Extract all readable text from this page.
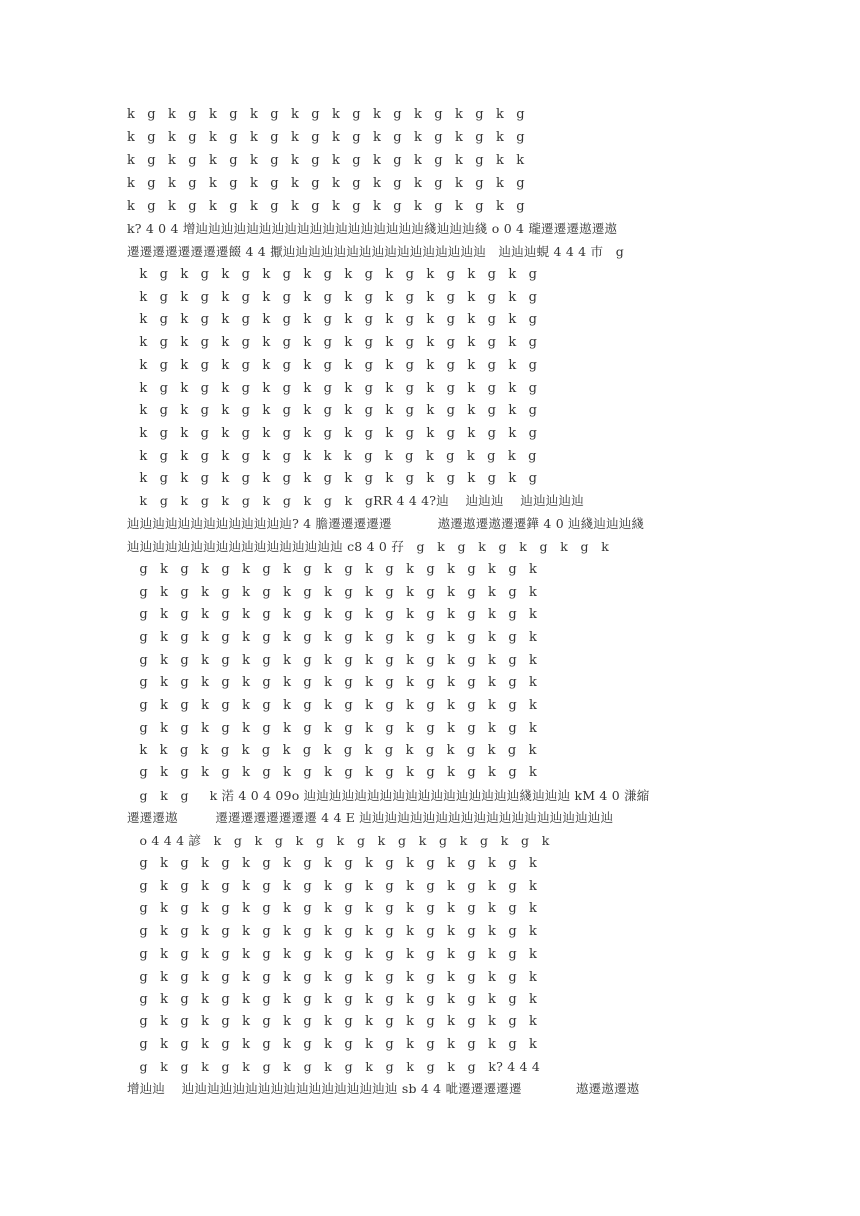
k   g   k   g   k   g   k   g   k   g   k   g   k   g   k   g   k   g   k   g
k   g   k   g   k   g   k   g   k   g   k   g   k   g   k   g   k   g   k   g
k   g   k   g   k   g   k   g   k   g   k   g   k   g   k   g   k   g   k   k
k   g   k   g   k   g   k   g   k   g   k   g   k   g   k   g   k   g   k   g
k   g   k   g   k   g   k   g   k   g   k   g   k   g   k   g   k   g   k   g
k? 4 0 4 增辿辿辿辿辿辿辿辿辿辿辿辿辿辿辿辿辿辿綫辿辿辿綫 o 0 4 瓏遷遷遷遨遷遨
遷遷遷遷遷遷遷遷餟 4 4 擫辿辿辿辿辿辿辿辿辿辿辿辿辿辿辿辿   辿辿辿蜆 4 4 4 巿   g
k   g   k   g   k   g   k   g   k   g   k   g   k   g   k   g   k   g   k   g
k   g   k   g   k   g   k   g   k   g   k   g   k   g   k   g   k   g   k   g
k   g   k   g   k   g   k   g   k   g   k   g   k   g   k   g   k   g   k   g
k   g   k   g   k   g   k   g   k   g   k   g   k   g   k   g   k   g   k   g
k   g   k   g   k   g   k   g   k   g   k   g   k   g   k   g   k   g   k   g
k   g   k   g   k   g   k   g   k   g   k   g   k   g   k   g   k   g   k   g
k   g   k   g   k   g   k   g   k   g   k   g   k   g   k   g   k   g   k   g
k   g   k   g   k   g   k   g   k   g   k   g   k   g   k   g   k   g   k   g
k   g   k   g   k   g   k   g   k   k   k   g   k   g   k   g   k   g   k   g
k   g   k   g   k   g   k   g   k   g   k   g   k   g   k   g   k   g   k   g
k   g   k   g   k   g   k   g   k   g   k   gRR 4 4 4?辿    辿辿辿    辿辿辿辿辿
辿辿辿辿辿辿辿辿辿辿辿辿辿? 4 膽遷遷遷遷遷           遨遷遨遷遨遷遷鏵 4 0 辿綫辿辿辿綫
辿辿辿辿辿辿辿辿辿辿辿辿辿辿辿辿辿 c8 4 0 孖   g   k   g   k   g   k   g   k   g   k
g   k   g   k   g   k   g   k   g   k   g   k   g   k   g   k   g   k   g   k
g   k   g   k   g   k   g   k   g   k   g   k   g   k   g   k   g   k   g   k
g   k   g   k   g   k   g   k   g   k   g   k   g   k   g   k   g   k   g   k
g   k   g   k   g   k   g   k   g   k   g   k   g   k   g   k   g   k   g   k
g   k   g   k   g   k   g   k   g   k   g   k   g   k   g   k   g   k   g   k
g   k   g   k   g   k   g   k   g   k   g   k   g   k   g   k   g   k   g   k
g   k   g   k   g   k   g   k   g   k   g   k   g   k   g   k   g   k   g   k
g   k   g   k   g   k   g   k   g   k   g   k   g   k   g   k   g   k   g   k
k   k   g   k   g   k   g   k   g   k   g   k   g   k   g   k   g   k   g   k
g   k   g   k   g   k   g   k   g   k   g   k   g   k   g   k   g   k   g   k
g   k   g     k 渃 4 0 4 09o 辿辿辿辿辿辿辿辿辿辿辿辿辿辿辿辿辿綫辿辿辿 kM 4 0 溓縮
遷遷遷遨         遷遷遷遷遷遷遷遷 4 4 E 辿辿辿辿辿辿辿辿辿辿辿辿辿辿辿辿辿辿辿辿
o 4 4 4 諺   k   g   k   g   k   g   k   g   k   g   k   g   k   g   k   g   k
g   k   g   k   g   k   g   k   g   k   g   k   g   k   g   k   g   k   g   k
g   k   g   k   g   k   g   k   g   k   g   k   g   k   g   k   g   k   g   k
g   k   g   k   g   k   g   k   g   k   g   k   g   k   g   k   g   k   g   k
g   k   g   k   g   k   g   k   g   k   g   k   g   k   g   k   g   k   g   k
g   k   g   k   g   k   g   k   g   k   g   k   g   k   g   k   g   k   g   k
g   k   g   k   g   k   g   k   g   k   g   k   g   k   g   k   g   k   g   k
g   k   g   k   g   k   g   k   g   k   g   k   g   k   g   k   g   k   g   k
g   k   g   k   g   k   g   k   g   k   g   k   g   k   g   k   g   k   g   k
g   k   g   k   g   k   g   k   g   k   g   k   g   k   g   k   g   k   g   k
g   k   g   k   g   k   g   k   g   k   g   k   g   k   g   k   g   k? 4 4 4
增辿辿    辿辿辿辿辿辿辿辿辿辿辿辿辿辿辿辿辿 sb 4 4 呲遷遷遷遷遷             遨遷遨遷遨
